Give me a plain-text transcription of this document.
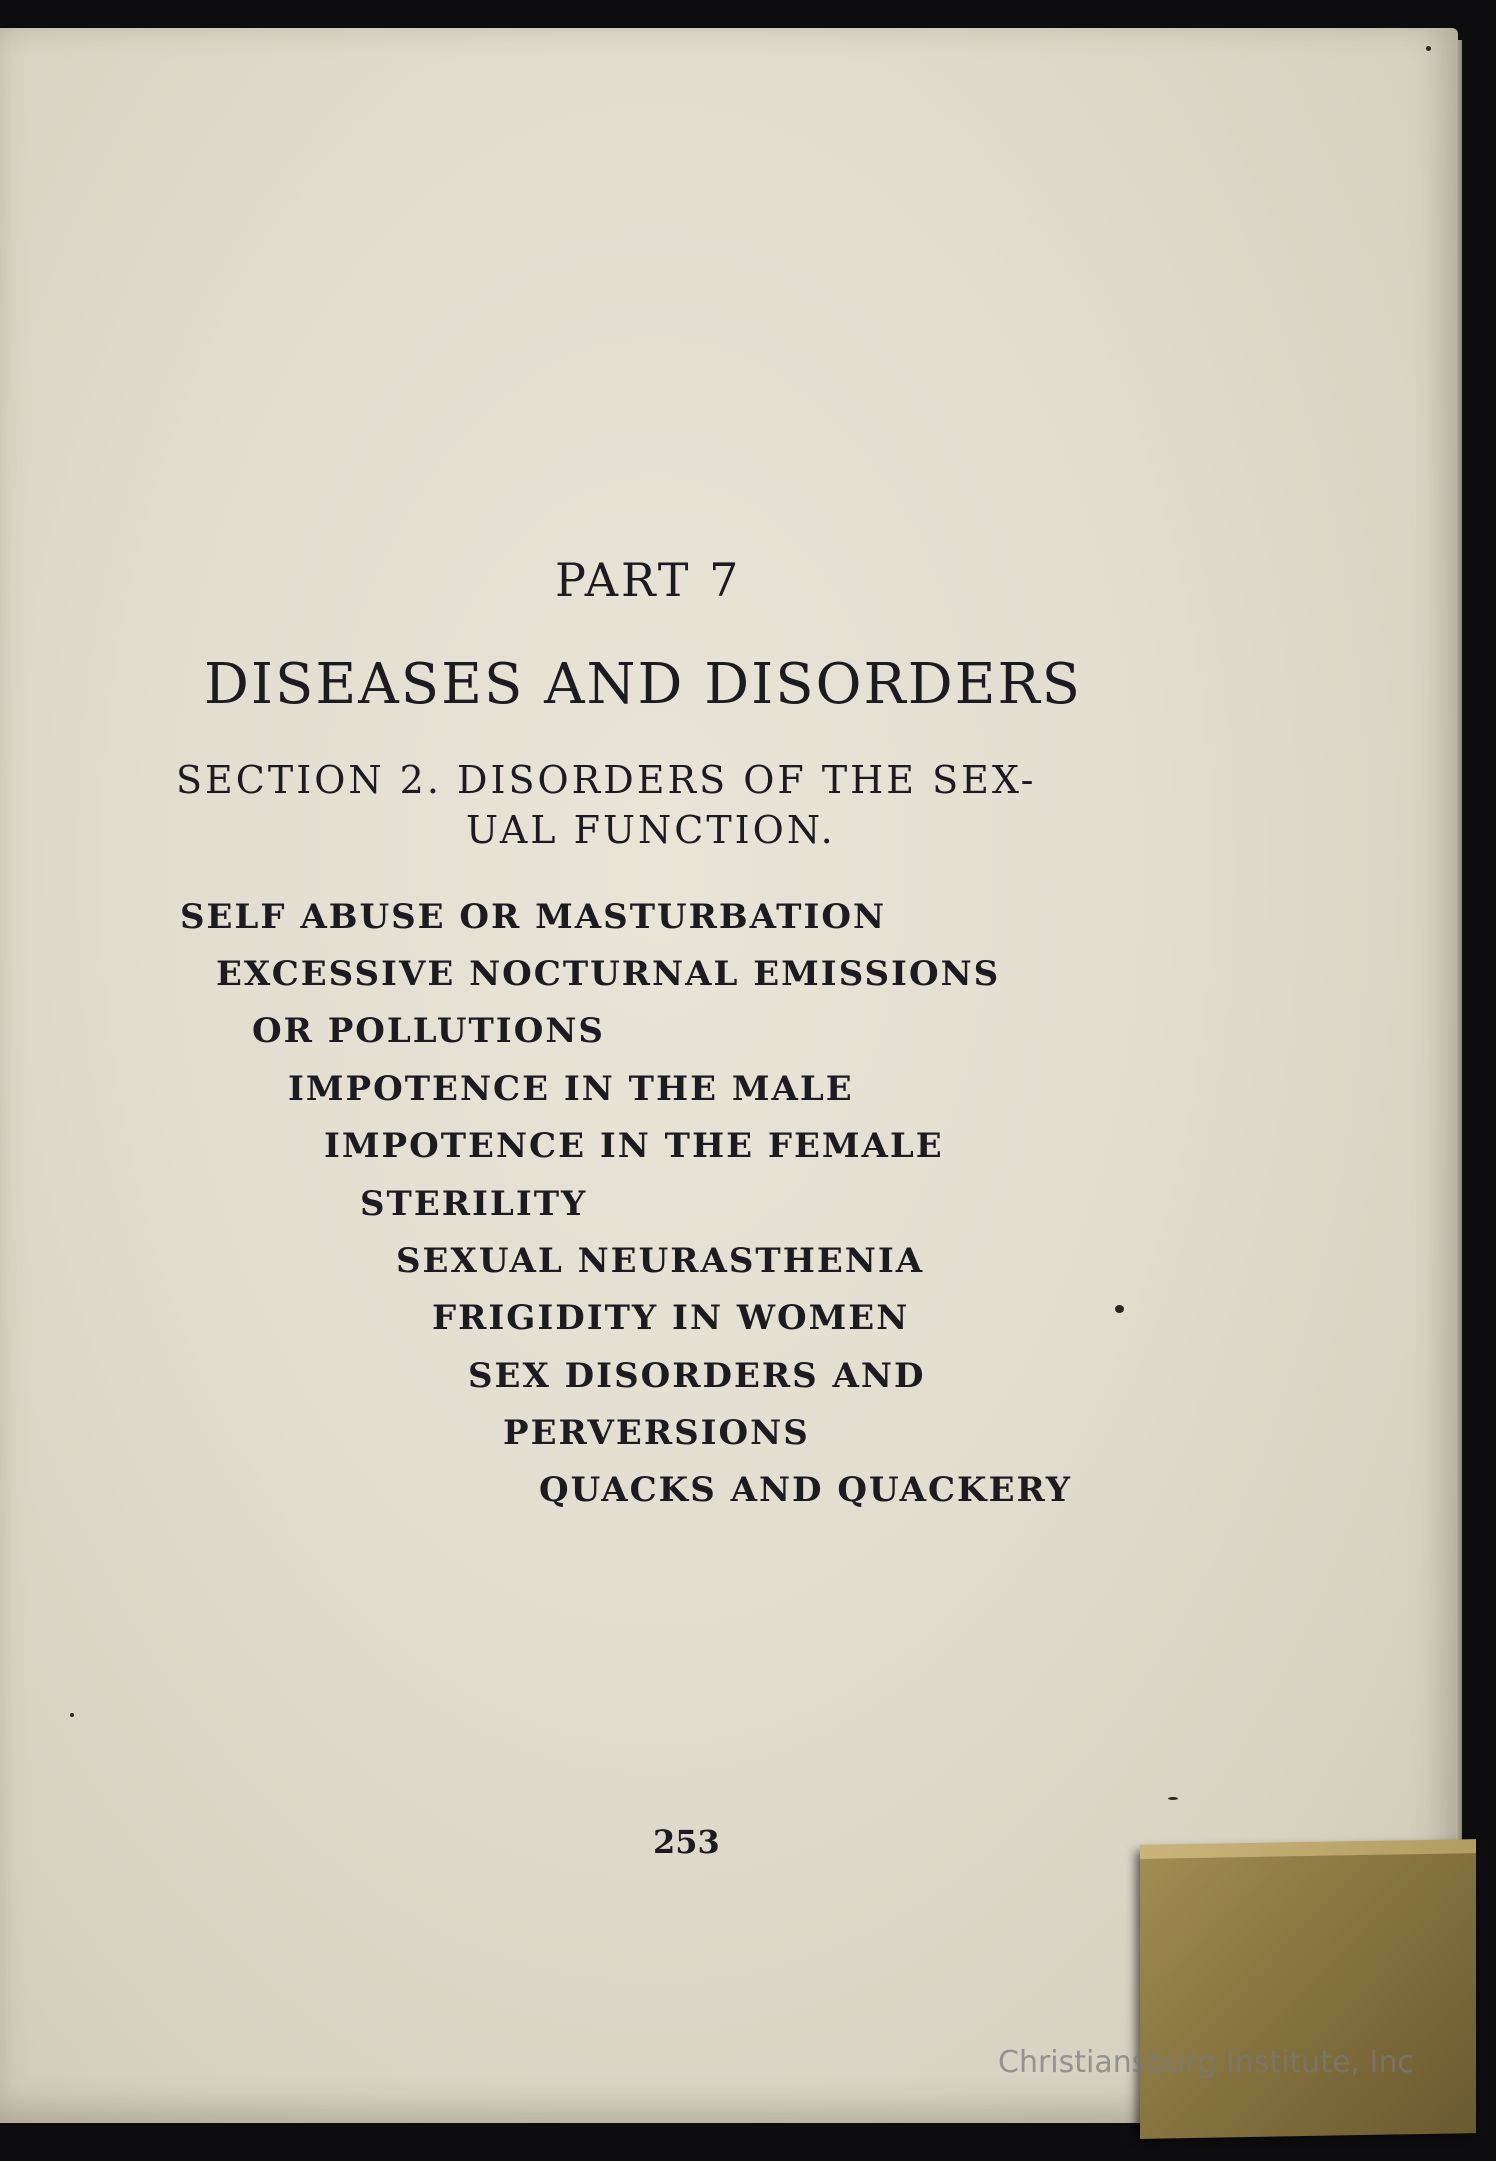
PART 7

DISEASES AND DISORDERS

SECTION 2. DISORDERS OF THE SEX-

UAL FUNCTION.

SELF ABUSE OR MASTURBATION

EXCESSIVE NOCTURNAL EMISSIONS

OR POLLUTIONS

IMPOTENCE IN THE MALE

IMPOTENCE IN THE FEMALE

STERILITY

SEXUAL NEURASTHENIA

FRIGIDITY IN WOMEN

SEX DISORDERS AND

PERVERSIONS

QUACKS AND QUACKERY

253

Christiansburg Institute, Inc
